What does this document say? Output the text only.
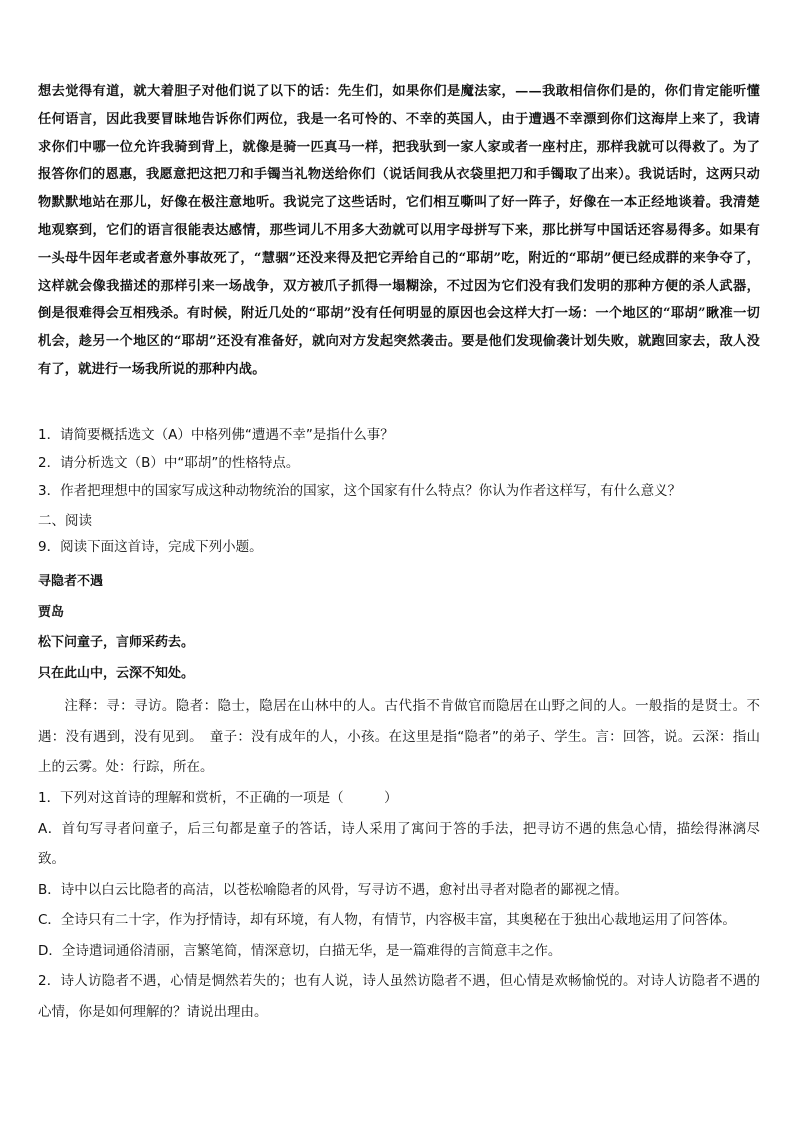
想去觉得有道，就大着胆子对他们说了以下的话：先生们，如果你们是魔法家，——我敢相信你们是的，你们肯定能听懂任何语言，因此我要冒昧地告诉你们两位，我是一名可怜的、不幸的英国人，由于遭遇不幸漂到你们这海岸上来了，我请求你们中哪一位允许我骑到背上，就像是骑一匹真马一样，把我驮到一家人家或者一座村庄，那样我就可以得救了。为了报答你们的恩惠，我愿意把这把刀和手镯当礼物送给你们（说话间我从衣袋里把刀和手镯取了出来）。我说话时，这两只动物默默地站在那儿，好像在极注意地听。我说完了这些话时，它们相互嘶叫了好一阵子，好像在一本正经地谈着。我清楚地观察到，它们的语言很能表达感情，那些词儿不用多大劲就可以用字母拼写下来，那比拼写中国话还容易得多。如果有一头母牛因年老或者意外事故死了，“慧骃”还没来得及把它弄给自己的“耶胡”吃，附近的“耶胡”便已经成群的来争夺了，这样就会像我描述的那样引来一场战争，双方被爪子抓得一塌糊涂，不过因为它们没有我们发明的那种方便的杀人武器，倒是很难得会互相残杀。有时候，附近几处的“耶胡”没有任何明显的原因也会这样大打一场：一个地区的“耶胡”瞅准一切机会，趁另一个地区的“耶胡”还没有准备好，就向对方发起突然袭击。要是他们发现偷袭计划失败，就跑回家去，敌人没有了，就进行一场我所说的那种内战。

1．请简要概括选文（A）中格列佛“遭遇不幸”是指什么事？

2．请分析选文（B）中“耶胡”的性格特点。

3．作者把理想中的国家写成这种动物统治的国家，这个国家有什么特点？你认为作者这样写，有什么意义？

二、阅读

9．阅读下面这首诗，完成下列小题。

寻隐者不遇

贾岛

松下问童子，言师采药去。

只在此山中，云深不知处。

注释：寻：寻访。隐者：隐士，隐居在山林中的人。古代指不肯做官而隐居在山野之间的人。一般指的是贤士。不遇：没有遇到，没有见到。　童子：没有成年的人，小孩。在这里是指“隐者”的弟子、学生。言：回答，说。云深：指山上的云雾。处：行踪，所在。

1．下列对这首诗的理解和赏析，不正确的一项是（　　　）

A．首句写寻者问童子，后三句都是童子的答话，诗人采用了寓问于答的手法，把寻访不遇的焦急心情，描绘得淋漓尽致。

B．诗中以白云比隐者的高洁，以苍松喻隐者的风骨，写寻访不遇，愈衬出寻者对隐者的鄙视之情。

C．全诗只有二十字，作为抒情诗，却有环境，有人物，有情节，内容极丰富，其奥秘在于独出心裁地运用了问答体。

D．全诗遣词通俗清丽，言繁笔简，情深意切，白描无华，是一篇难得的言简意丰之作。

2．诗人访隐者不遇，心情是惆然若失的；也有人说，诗人虽然访隐者不遇，但心情是欢畅愉悦的。对诗人访隐者不遇的心情，你是如何理解的？请说出理由。
